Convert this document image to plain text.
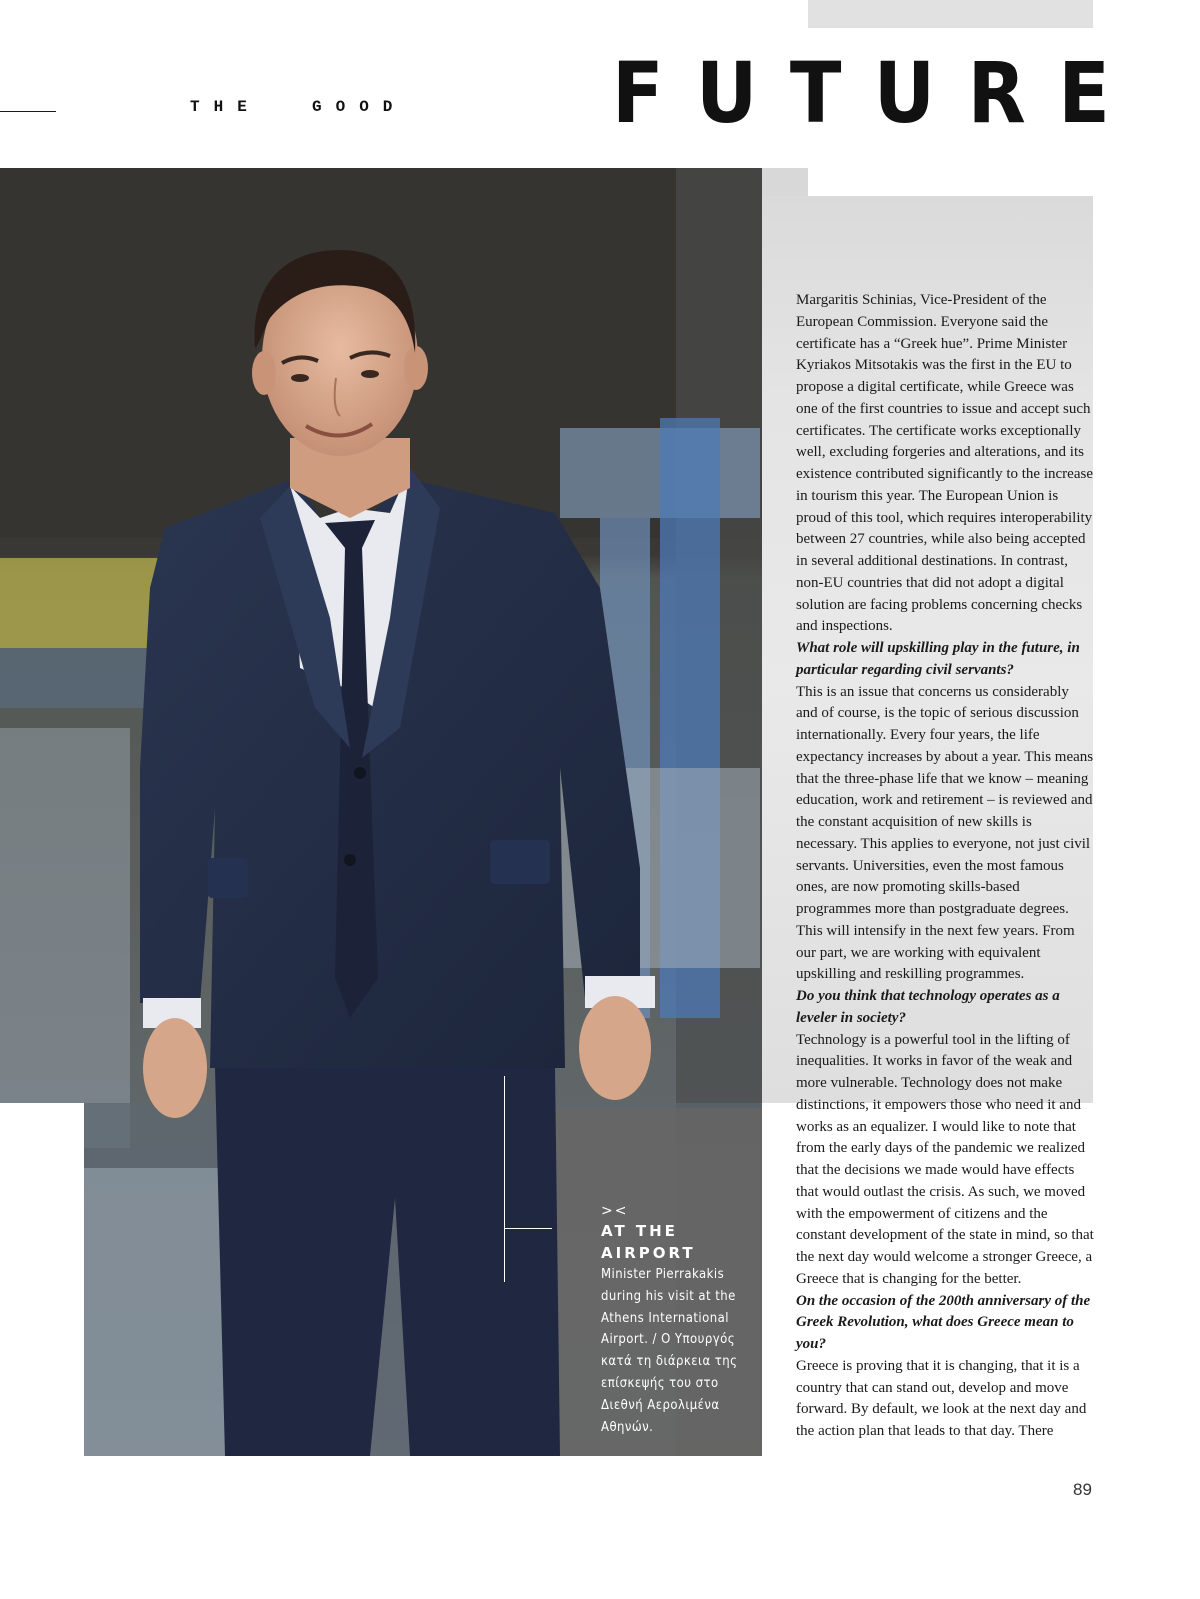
THE	GOOD FUTURE
><
AT THE
AIRPORT
Minister Pierrakakis during his visit at the Athens International Airport. / Ο Υπουργός κατά τη διάρκεια της επίσκεψής του στο Διεθνή Αερολιμένα Αθηνών.

Margaritis Schinias, Vice-President of the European Commission. Everyone said the certificate has a “Greek hue”. Prime Minister Kyriakos Mitsotakis was the first in the EU to propose a digital certificate, while Greece was one of the first countries to issue and accept such certificates. The certificate works exceptionally well, excluding forgeries and alterations, and its existence contributed significantly to the increase in tourism this year. The European Union is proud of this tool, which requires interoperability between 27 countries, while also being accepted in several additional destinations. In contrast, non-EU countries that did not adopt a digital solution are facing problems concerning checks and inspections.

What role will upskilling play in the future, in particular regarding civil servants?

This is an issue that concerns us considerably and of course, is the topic of serious discussion internationally. Every four years, the life expectancy increases by about a year. This means that the three-phase life that we know – meaning education, work and retirement – is reviewed and the constant acquisition of new skills is necessary. This applies to everyone, not just civil servants. Universities, even the most famous ones, are now promoting skills-based programmes more than postgraduate degrees. This will intensify in the next few years. From our part, we are working with equivalent upskilling and reskilling programmes.

Do you think that technology operates as a leveler in society?

Technology is a powerful tool in the lifting of inequalities. It works in favor of the weak and more vulnerable. Technology does not make distinctions, it empowers those who need it and works as an equalizer. I would like to note that from the early days of the pandemic we realized that the decisions we made would have effects that would outlast the crisis. As such, we moved with the empowerment of citizens and the constant development of the state in mind, so that the next day would welcome a stronger Greece, a Greece that is changing for the better.

On the occasion of the 200th anniversary of the Greek Revolution, what does Greece mean to you?

Greece is proving that it is changing, that it is a country that can stand out, develop and move forward. By default, we look at the next day and the action plan that leads to that day. There

89
